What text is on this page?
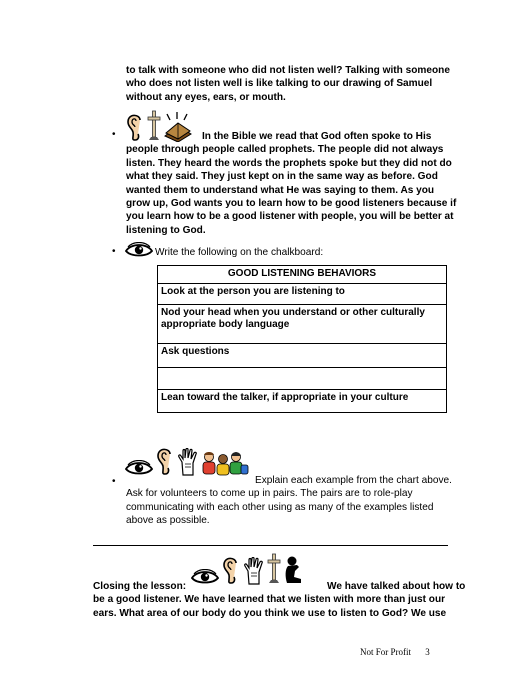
to talk with someone who did not listen well? Talking with someone

who does not listen well is like talking to our drawing of Samuel

without any eyes, ears, or mouth.

•	In the Bible we read that God often spoke to His

people through people called prophets. The people did not always

listen. They heard the words the prophets spoke but they did not do

what they said. They just kept on in the same way as before. God

wanted them to understand what He was saying to them. As you

grow up, God wants you to learn how to be good listeners because if

you learn how to be a good listener with people, you will be better at

listening to God.

•	Write the following on the chalkboard:
GOOD LISTENING BEHAVIORS
Look at the person you are listening to

Nod your head when you understand or other culturally
appropriate body language

Ask questions

Lean toward the talker, if appropriate in your culture
•	Explain each example from the chart above.

Ask for volunteers to come up in pairs. The pairs are to role-play

communicating with each other using as many of the examples listed

above as possible.

Closing the lesson:	We have talked about how to

be a good listener. We have learned that we listen with more than just our

ears. What area of our body do you think we use to listen to God? We use

Not For Profit 3
